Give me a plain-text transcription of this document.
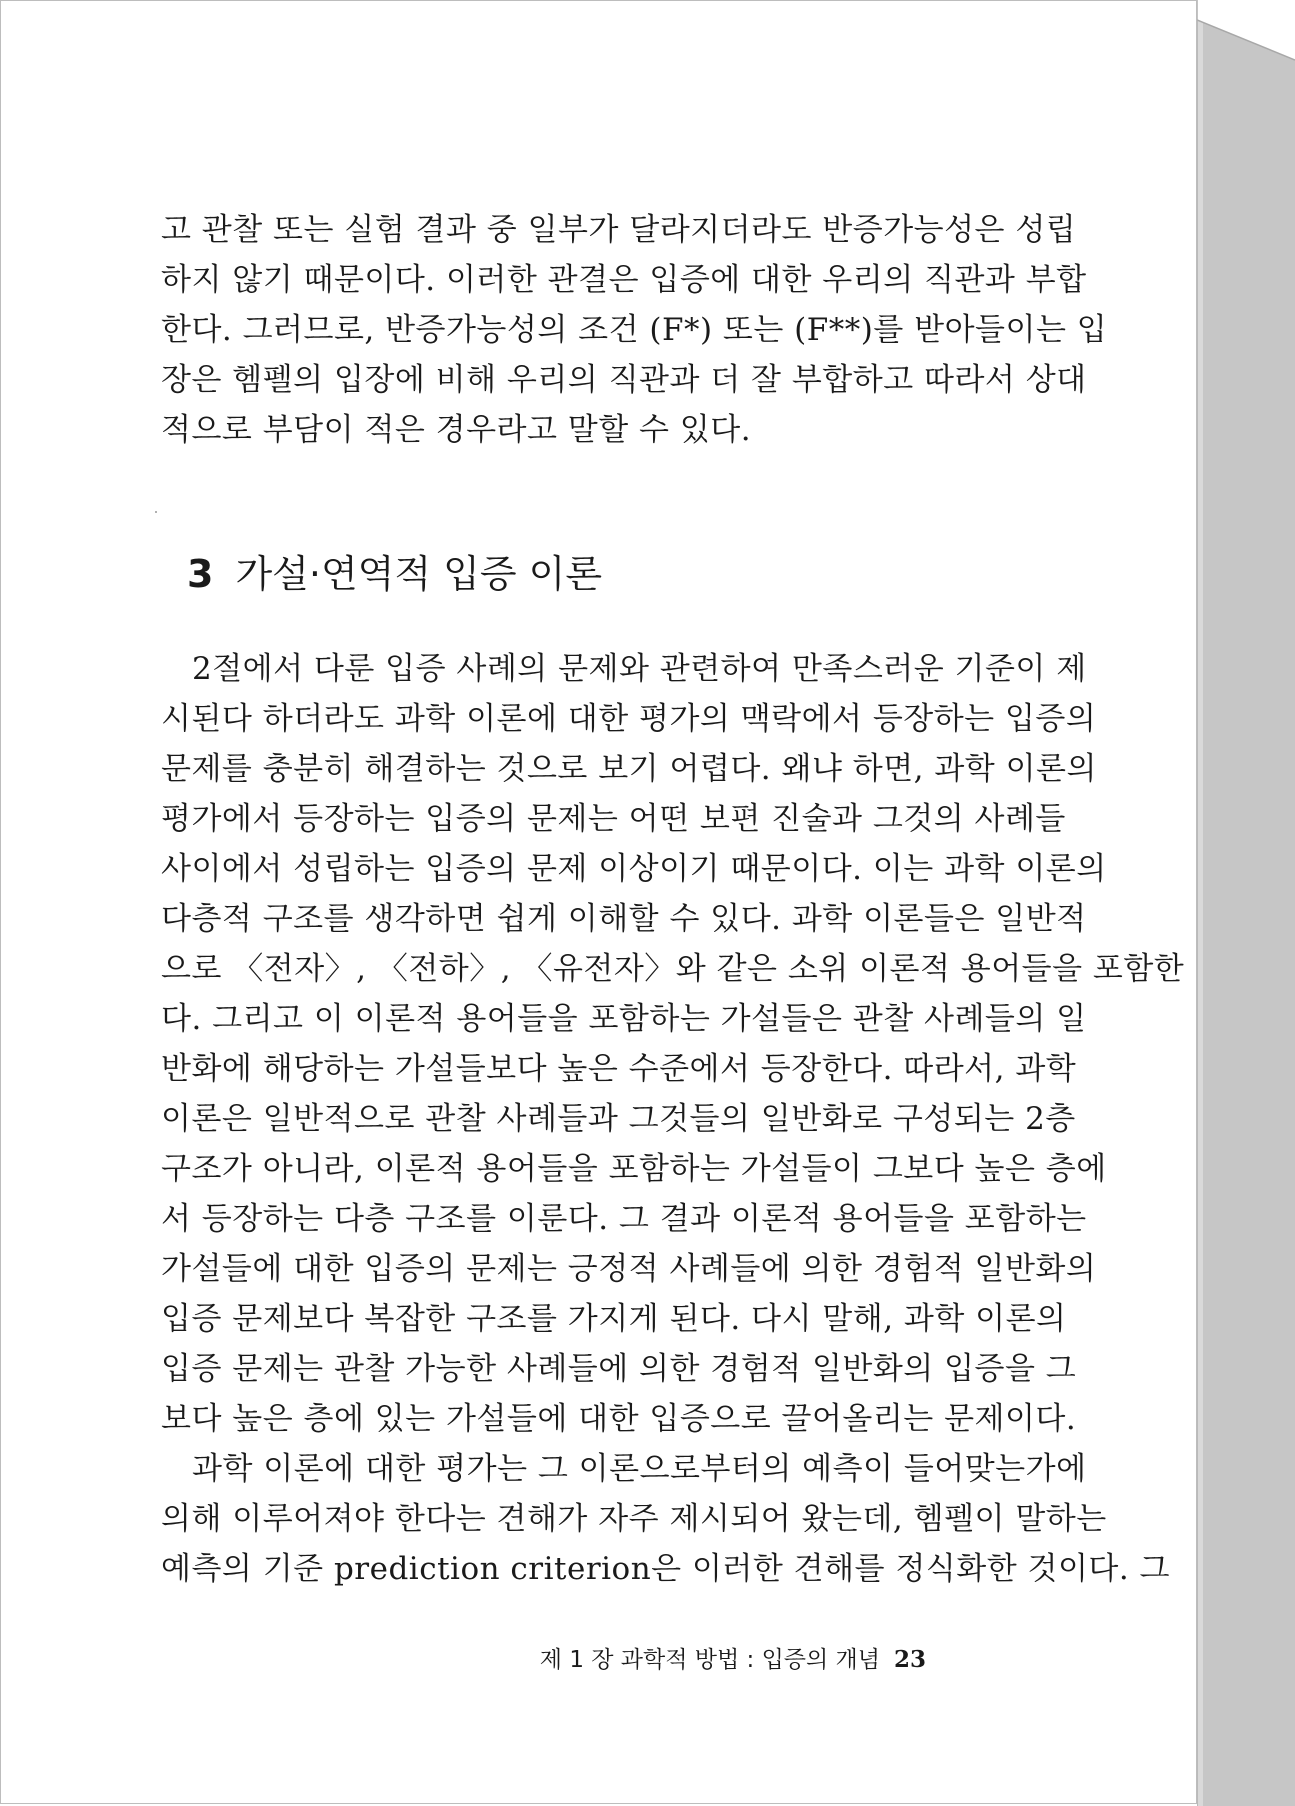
고 관찰 또는 실험 결과 중 일부가 달라지더라도 반증가능성은 성립
하지 않기 때문이다. 이러한 관결은 입증에 대한 우리의 직관과 부합
한다. 그러므로, 반증가능성의 조건 (F*) 또는 (F**)를 받아들이는 입
장은 헴펠의 입장에 비해 우리의 직관과 더 잘 부합하고 따라서 상대
적으로 부담이 적은 경우라고 말할 수 있다.
3 가설·연역적 입증 이론
2절에서 다룬 입증 사례의 문제와 관련하여 만족스러운 기준이 제
시된다 하더라도 과학 이론에 대한 평가의 맥락에서 등장하는 입증의
문제를 충분히 해결하는 것으로 보기 어렵다. 왜냐 하면, 과학 이론의
평가에서 등장하는 입증의 문제는 어떤 보편 진술과 그것의 사례들
사이에서 성립하는 입증의 문제 이상이기 때문이다. 이는 과학 이론의
다층적 구조를 생각하면 쉽게 이해할 수 있다. 과학 이론들은 일반적
으로 〈전자〉, 〈전하〉, 〈유전자〉와 같은 소위 이론적 용어들을 포함한
다. 그리고 이 이론적 용어들을 포함하는 가설들은 관찰 사례들의 일
반화에 해당하는 가설들보다 높은 수준에서 등장한다. 따라서, 과학
이론은 일반적으로 관찰 사례들과 그것들의 일반화로 구성되는 2층
구조가 아니라, 이론적 용어들을 포함하는 가설들이 그보다 높은 층에
서 등장하는 다층 구조를 이룬다. 그 결과 이론적 용어들을 포함하는
가설들에 대한 입증의 문제는 긍정적 사례들에 의한 경험적 일반화의
입증 문제보다 복잡한 구조를 가지게 된다. 다시 말해, 과학 이론의
입증 문제는 관찰 가능한 사례들에 의한 경험적 일반화의 입증을 그
보다 높은 층에 있는 가설들에 대한 입증으로 끌어올리는 문제이다.
과학 이론에 대한 평가는 그 이론으로부터의 예측이 들어맞는가에
의해 이루어져야 한다는 견해가 자주 제시되어 왔는데, 헴펠이 말하는
예측의 기준 prediction criterion은 이러한 견해를 정식화한 것이다. 그
제 1 장 과학적 방법 : 입증의 개념 23
